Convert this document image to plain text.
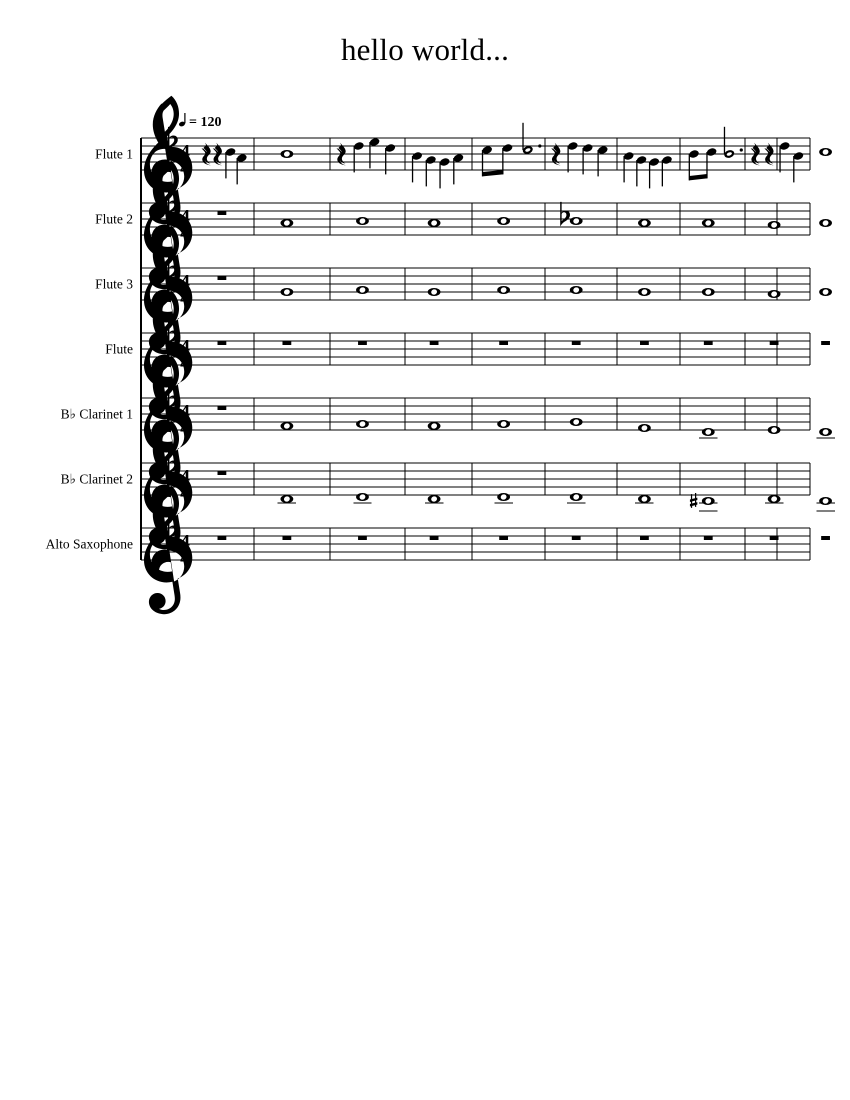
hello world...
= 120
Flute 1 4
4
Flute 2 4
4
Flute 3 4
4
Flute 4
4
B♭ Clarinet 1 4
4
B♭ Clarinet 2 4
4
Alto Saxophone 4
4
